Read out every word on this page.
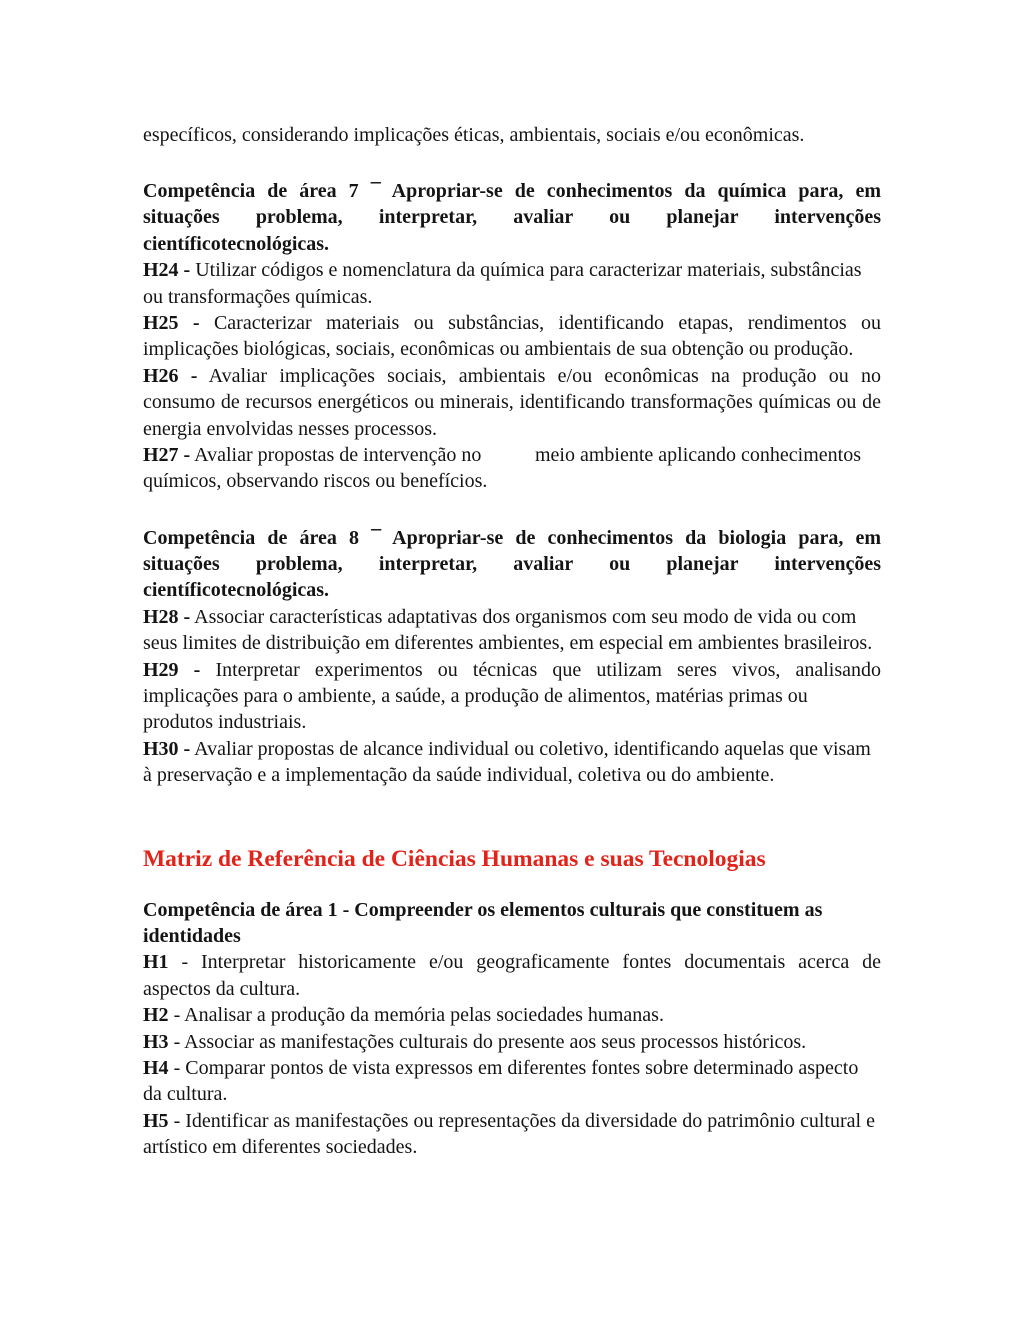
específicos, considerando implicações éticas, ambientais, sociais e/ou econômicas.
Competência de área 7 ¯ Apropriar-se de conhecimentos da química para, em
situações problema, interpretar, avaliar ou planejar intervenções
científicotecnológicas.
H24 - Utilizar códigos e nomenclatura da química para caracterizar materiais, substâncias
ou transformações químicas.
H25 - Caracterizar materiais ou substâncias, identificando etapas, rendimentos ou
implicações biológicas, sociais, econômicas ou ambientais de sua obtenção ou produção.
H26 - Avaliar implicações sociais, ambientais e/ou econômicas na produção ou no
consumo de recursos energéticos ou minerais, identificando transformações químicas ou de
energia envolvidas nesses processos.
H27 - Avaliar propostas de intervenção no	meio ambiente aplicando conhecimentos
químicos, observando riscos ou benefícios.
Competência de área 8 ¯ Apropriar-se de conhecimentos da biologia para, em
situações problema, interpretar, avaliar ou planejar intervenções
científicotecnológicas.
H28 - Associar características adaptativas dos organismos com seu modo de vida ou com
seus limites de distribuição em diferentes ambientes, em especial em ambientes brasileiros.
H29 - Interpretar experimentos ou técnicas que utilizam seres vivos, analisando
implicações para o ambiente, a saúde, a produção de alimentos, matérias primas ou
produtos industriais.
H30 - Avaliar propostas de alcance individual ou coletivo, identificando aquelas que visam
à preservação e a implementação da saúde individual, coletiva ou do ambiente.
Matriz de Referência de Ciências Humanas e suas Tecnologias
Competência de área 1 - Compreender os elementos culturais que constituem as
identidades
H1 - Interpretar historicamente e/ou geograficamente fontes documentais acerca de
aspectos da cultura.
H2 - Analisar a produção da memória pelas sociedades humanas.
H3 - Associar as manifestações culturais do presente aos seus processos históricos.
H4 - Comparar pontos de vista expressos em diferentes fontes sobre determinado aspecto
da cultura.
H5 - Identificar as manifestações ou representações da diversidade do patrimônio cultural e
artístico em diferentes sociedades.
